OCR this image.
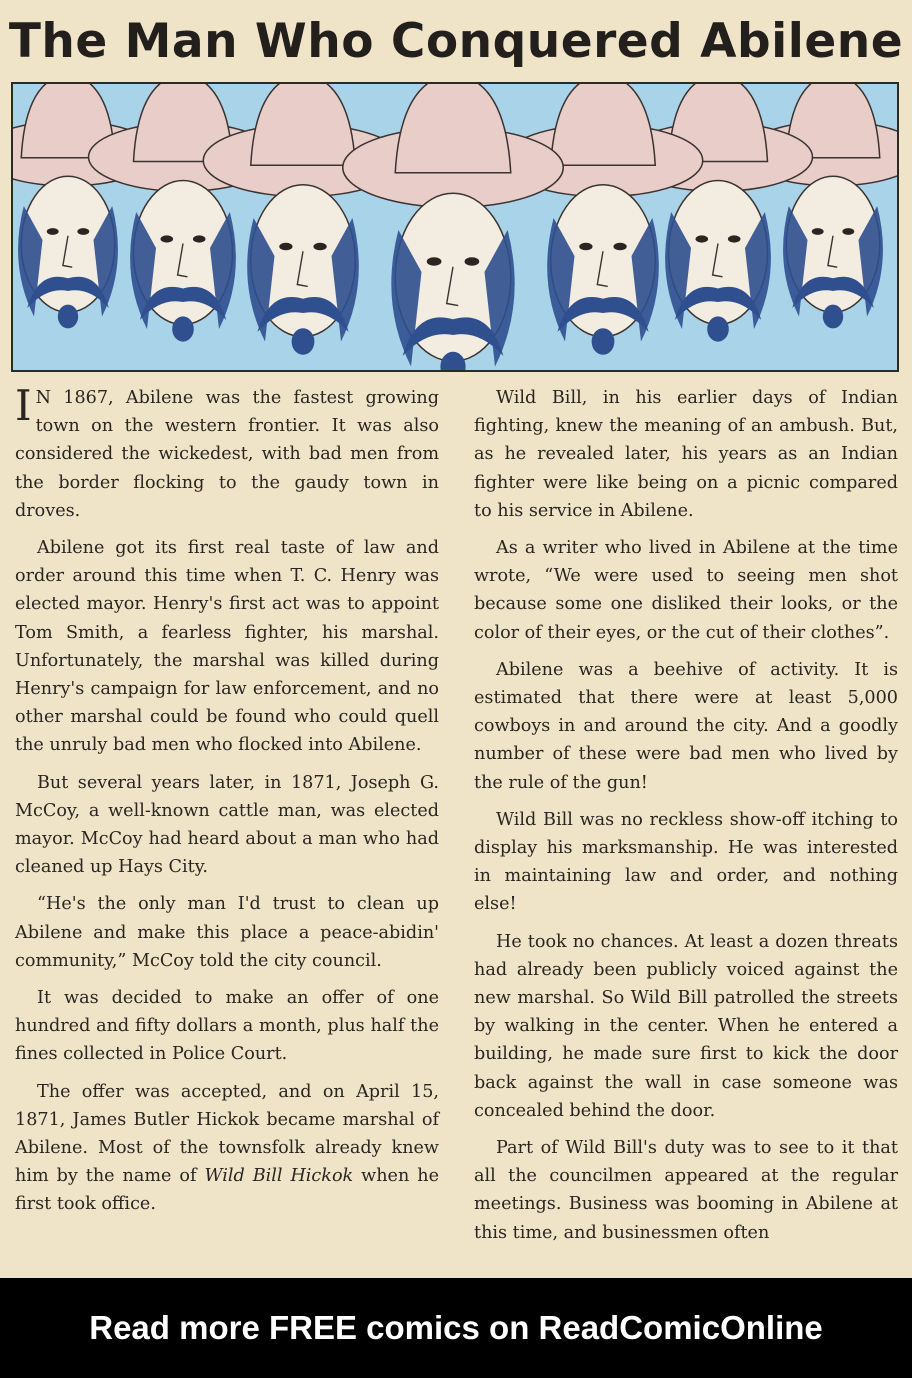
The Man Who Conquered Abilene

I N 1867, Abilene was the fastest growing town on the western frontier. It was also considered the wickedest, with bad men from the border flocking to the gaudy town in droves.

Abilene got its first real taste of law and order around this time when T. C. Henry was elected mayor. Henry's first act was to appoint Tom Smith, a fearless fighter, his marshal. Unfortunately, the marshal was killed during Henry's campaign for law enforcement, and no other marshal could be found who could quell the unruly bad men who flocked into Abilene.

But several years later, in 1871, Joseph G. McCoy, a well-known cattle man, was elected mayor. McCoy had heard about a man who had cleaned up Hays City.

“He's the only man I'd trust to clean up Abilene and make this place a peace-abidin' community,” McCoy told the city council.

It was decided to make an offer of one hundred and fifty dollars a month, plus half the fines collected in Police Court.

The offer was accepted, and on April 15, 1871, James Butler Hickok became marshal of Abilene. Most of the townsfolk already knew him by the name of Wild Bill Hickok when he first took office.

Wild Bill, in his earlier days of Indian fighting, knew the meaning of an ambush. But, as he revealed later, his years as an Indian fighter were like being on a picnic compared to his service in Abilene.

As a writer who lived in Abilene at the time wrote, “We were used to seeing men shot because some one disliked their looks, or the color of their eyes, or the cut of their clothes”.

Abilene was a beehive of activity. It is estimated that there were at least 5,000 cowboys in and around the city. And a goodly number of these were bad men who lived by the rule of the gun!

Wild Bill was no reckless show-off itching to display his marksmanship. He was interested in maintaining law and order, and nothing else!

He took no chances. At least a dozen threats had already been publicly voiced against the new marshal. So Wild Bill patrolled the streets by walking in the center. When he entered a building, he made sure first to kick the door back against the wall in case someone was concealed behind the door.

Part of Wild Bill's duty was to see to it that all the councilmen appeared at the regular meetings. Business was booming in Abilene at this time, and businessmen often

Read more FREE comics on ReadComicOnline
